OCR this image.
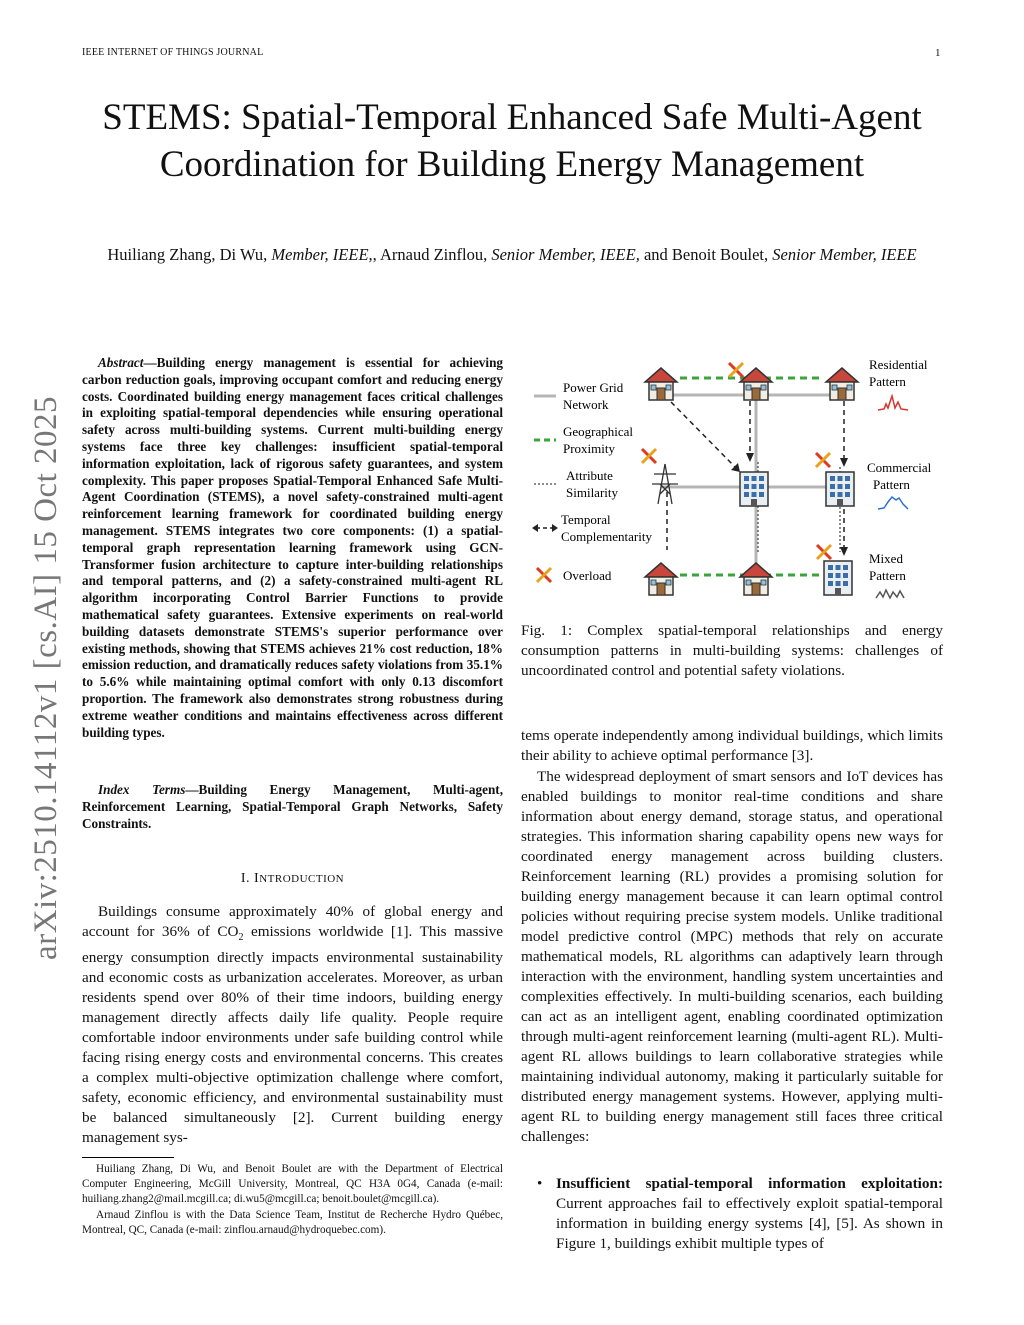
IEEE INTERNET OF THINGS JOURNAL	1
arXiv:2510.14112v1 [cs.AI] 15 Oct 2025
STEMS: Spatial-Temporal Enhanced Safe Multi-Agent Coordination for Building Energy Management
Huiliang Zhang, Di Wu, Member, IEEE,, Arnaud Zinflou, Senior Member, IEEE, and Benoit Boulet, Senior Member, IEEE
Abstract—Building energy management is essential for achieving carbon reduction goals, improving occupant comfort and reducing energy costs. Coordinated building energy management faces critical challenges in exploiting spatial-temporal dependencies while ensuring operational safety across multi-building systems. Current multi-building energy systems face three key challenges: insufficient spatial-temporal information exploitation, lack of rigorous safety guarantees, and system complexity. This paper proposes Spatial-Temporal Enhanced Safe Multi-Agent Coordination (STEMS), a novel safety-constrained multi-agent reinforcement learning framework for coordinated building energy management. STEMS integrates two core components: (1) a spatial-temporal graph representation learning framework using GCN-Transformer fusion architecture to capture inter-building relationships and temporal patterns, and (2) a safety-constrained multi-agent RL algorithm incorporating Control Barrier Functions to provide mathematical safety guarantees. Extensive experiments on real-world building datasets demonstrate STEMS's superior performance over existing methods, showing that STEMS achieves 21% cost reduction, 18% emission reduction, and dramatically reduces safety violations from 35.1% to 5.6% while maintaining optimal comfort with only 0.13 discomfort proportion. The framework also demonstrates strong robustness during extreme weather conditions and maintains effectiveness across different building types.
Index Terms—Building Energy Management, Multi-agent, Reinforcement Learning, Spatial-Temporal Graph Networks, Safety Constraints.
I. INTRODUCTION
Buildings consume approximately 40% of global energy and account for 36% of $CO_2$ emissions worldwide [1]. This massive energy consumption directly impacts environmental sustainability and economic costs as urbanization accelerates. Moreover, as urban residents spend over 80% of their time indoors, building energy management directly affects daily life quality. People require comfortable indoor environments under safe building control while facing rising energy costs and environmental concerns. This creates a complex multi-objective optimization challenge where comfort, safety, economic efficiency, and environmental sustainability must be balanced simultaneously [2]. Current building energy management sys-

Huiliang Zhang, Di Wu, and Benoit Boulet are with the Department of Electrical Computer Engineering, McGill University, Montreal, QC H3A 0G4, Canada (e-mail: huiliang.zhang2@mail.mcgill.ca; di.wu5@mcgill.ca; benoit.boulet@mcgill.ca).

Arnaud Zinflou is with the Data Science Team, Institut de Recherche Hydro Québec, Montreal, QC, Canada (e-mail: zinflou.arnaud@hydroquebec.com).

Power Grid
Network
Geographical
Proximity
Attribute
Similarity
Temporal
Complementarity
Overload
Residential
Pattern
Commercial
Pattern
Mixed
Pattern
Fig. 1: Complex spatial-temporal relationships and energy consumption patterns in multi-building systems: challenges of uncoordinated control and potential safety violations.
tems operate independently among individual buildings, which limits their ability to achieve optimal performance [3].
The widespread deployment of smart sensors and IoT devices has enabled buildings to monitor real-time conditions and share information about energy demand, storage status, and operational strategies. This information sharing capability opens new ways for coordinated energy management across building clusters. Reinforcement learning (RL) provides a promising solution for building energy management because it can learn optimal control policies without requiring precise system models. Unlike traditional model predictive control (MPC) methods that rely on accurate mathematical models, RL algorithms can adaptively learn through interaction with the environment, handling system uncertainties and complexities effectively. In multi-building scenarios, each building can act as an intelligent agent, enabling coordinated optimization through multi-agent reinforcement learning (multi-agent RL). Multi-agent RL allows buildings to learn collaborative strategies while maintaining individual autonomy, making it particularly suitable for distributed energy management systems. However, applying multi-agent RL to building energy management still faces three critical challenges:
• Insufficient spatial-temporal information exploitation: Current approaches fail to effectively exploit spatial-temporal information in building energy systems [4], [5]. As shown in Figure 1, buildings exhibit multiple types of
